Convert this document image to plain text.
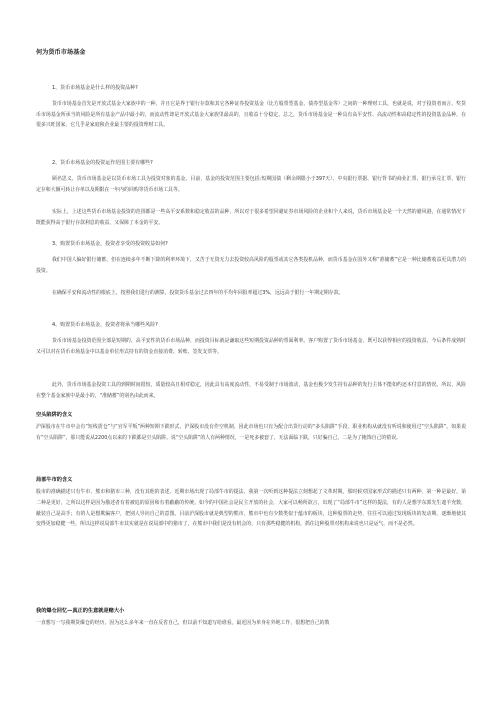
何为货币市场基金
1、货币市场基金是什么样的投资品种?

货币市场基金首先是开放式基金大家族中的一种，并且它是界于银行存款和其它各种证券投资基金（比方股票型基金、债券型基金等）之间的一种理财工具，也就是说，对于投资者而言，奖货币市场基金所承当的风险是所有基金产品中最小的，而流动性却是开放式基金大家族里最高的，且收益十分稳定。总之，货币市场基金是一种具有高平安性、高流动性和高稳定性的投资基金品种，在很多兴旺国家，它几乎是家庭和企业最主要的投资理财工具。

2、货币市场基金的投资运作范围主要有哪些?

顾名思义，货币市场基金是以货币市场工具为投资对象的基金。目前，基金的投资范围主要包括:短期国债（剩余期限小于397天）、中央银行票据、银行背书的商业汇票、银行承兑汇票、银行定存和大额可转让存单以及期限在一年内的回购等货币市场工具等。

实际上，上述这些货币市场基金投资的范围都是一些高平安系数和稳定收益的品种，所以对于很多希望回避证券市场风险的企业和个人来说，货币市场基金是一个天然的避风港，在通常情况下既能获得高于银行存款利息的收益，又保障了本金的平安。

3、购置货币市场基金，投资者享受的投资收益如何?

我们中国人偏好银行储蓄，但在连续多年不断下降的利率环境下，又苦于无资无力去投资较高风险的股票或其它各类投机品种，而货币基金在国外又称“准储蓄”它是一种比储蓄收益更具潜力的投资。

在确保平安和流动性的根底上，按照我们进行的测算，投资货币基金过去四年的平均年回报率超过3%，远远高于银行一年期定期存款。

4、购置货币市场基金，投资者将承当哪些风险?

货币市场基金投资范围全部是短期的、高平安性的货币市场品种，而投资目标就是谦取这些短期投资品种的票面利率。客户购置了货币市场基金，既可以获得相应的投资收益，今后条件成熟时又可以对在货币市场基金中以基金单位形式持有的资金直接消费、转账、签发支票等。

此外，货币市场基金投资工具的到期时间很短，质量较高且相对稳定，因此具有高度流动性，不易受制于市场波动，基金也极少发生持有品种的发行主体不能如约还本付息的情况。所以，风险在整个基金家族中是最小的，“准储蓄”的别名由此而来。

空头陷阱的含义

沪深股市在牛市中会有“短线震仓”与“官军平叛”两种短期下跌形式，沪深股市没有作空机制，因此市场也只有为配合出货行动的“多头陷阱”手段，职业机构从就没有听说和使用过“空头陷阱”。如果说有“空头陷阱”，那只能说从2200点以来的下跌都是空头陷阱。说“空头陷阱”的人有两种情况，一是死多被套了，无法面临下跌，只好骗自己，二是为了掩饰自己的错误。

局部牛市的含义

股市的准确描述只有牛市、熊市和猪市三种，没有其他的表述。近期市场出现了局部牛市的提法，我第一次听到这种提法立刻想起了文革时期。那时候对国家形式的描述只有两种，第一种是最好，第二种是更好，之所以这样是因为描述者有着被追的原因和有着蔽蔽的传统。如今的中国社会是民主开放的社会，大家可以畅所欲言，出现了“局部牛市”这样的提法，有的人是想学东郭先生遮羊充数，蔽装自己是高手；有的人是想欺骗客户，把别人导向自己的意图。目前沪深股市就是典型的熊市，熊市中也有少数类似于蕴市的板块，这种股票的走势，往往可以通过发现板块的发动期，逐渐地使其变得更加稳健一些，所以这样说局部牛市其实就是在说局部中的猪市了，在熊市中我们是没有机会的，只有那些稳健的机构，抓住这种股票对机构来说也只是运气，而不是必然。

我的爆仓回忆—真正的生意就是赌大小

一直想写一写我期货爆仓的经历，因为这么多年来一直在反省自己，但以前不知道写给谁看。最近因为单身在外地工作，很想把自己的教
